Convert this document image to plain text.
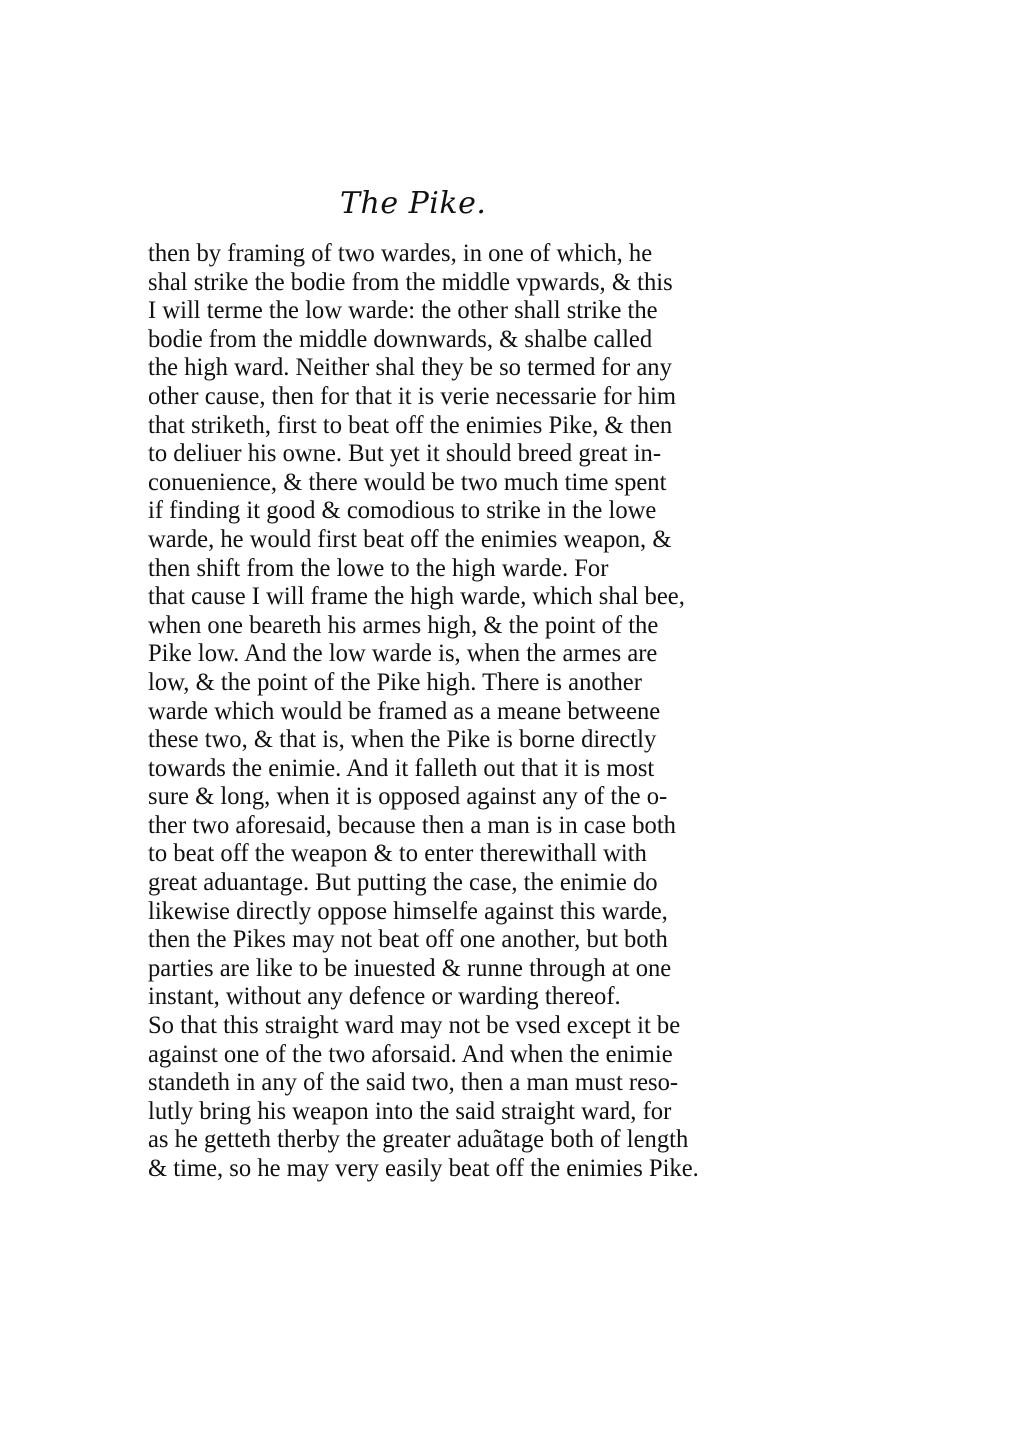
The Pike.
then by framing of two wardes, in one of which, he
shal strike the bodie from the middle vpwards, & this
I will terme the low warde: the other shall strike the
bodie from the middle downwards, & shalbe called
the high ward. Neither shal they be so termed for any
other cause, then for that it is verie necessarie for him
that striketh, first to beat off the enimies Pike, & then
to deliuer his owne. But yet it should breed great in-
conuenience, & there would be two much time spent
if finding it good & comodious to strike in the lowe
warde, he would first beat off the enimies weapon, &
then shift from the lowe to the high warde. For
that cause I will frame the high warde, which shal bee,
when one beareth his armes high, & the point of the
Pike low. And the low warde is, when the armes are
low, & the point of the Pike high. There is another
warde which would be framed as a meane betweene
these two, & that is, when the Pike is borne directly
towards the enimie. And it falleth out that it is most
sure & long, when it is opposed against any of the o-
ther two aforesaid, because then a man is in case both
to beat off the weapon & to enter therewithall with
great aduantage. But putting the case, the enimie do
likewise directly oppose himselfe against this warde,
then the Pikes may not beat off one another, but both
parties are like to be inuested & runne through at one
instant, without any defence or warding thereof.
So that this straight ward may not be vsed except it be
against one of the two aforsaid. And when the enimie
standeth in any of the said two, then a man must reso-
lutly bring his weapon into the said straight ward, for
as he getteth therby the greater aduãtage both of length
& time, so he may very easily beat off the enimies Pike.
